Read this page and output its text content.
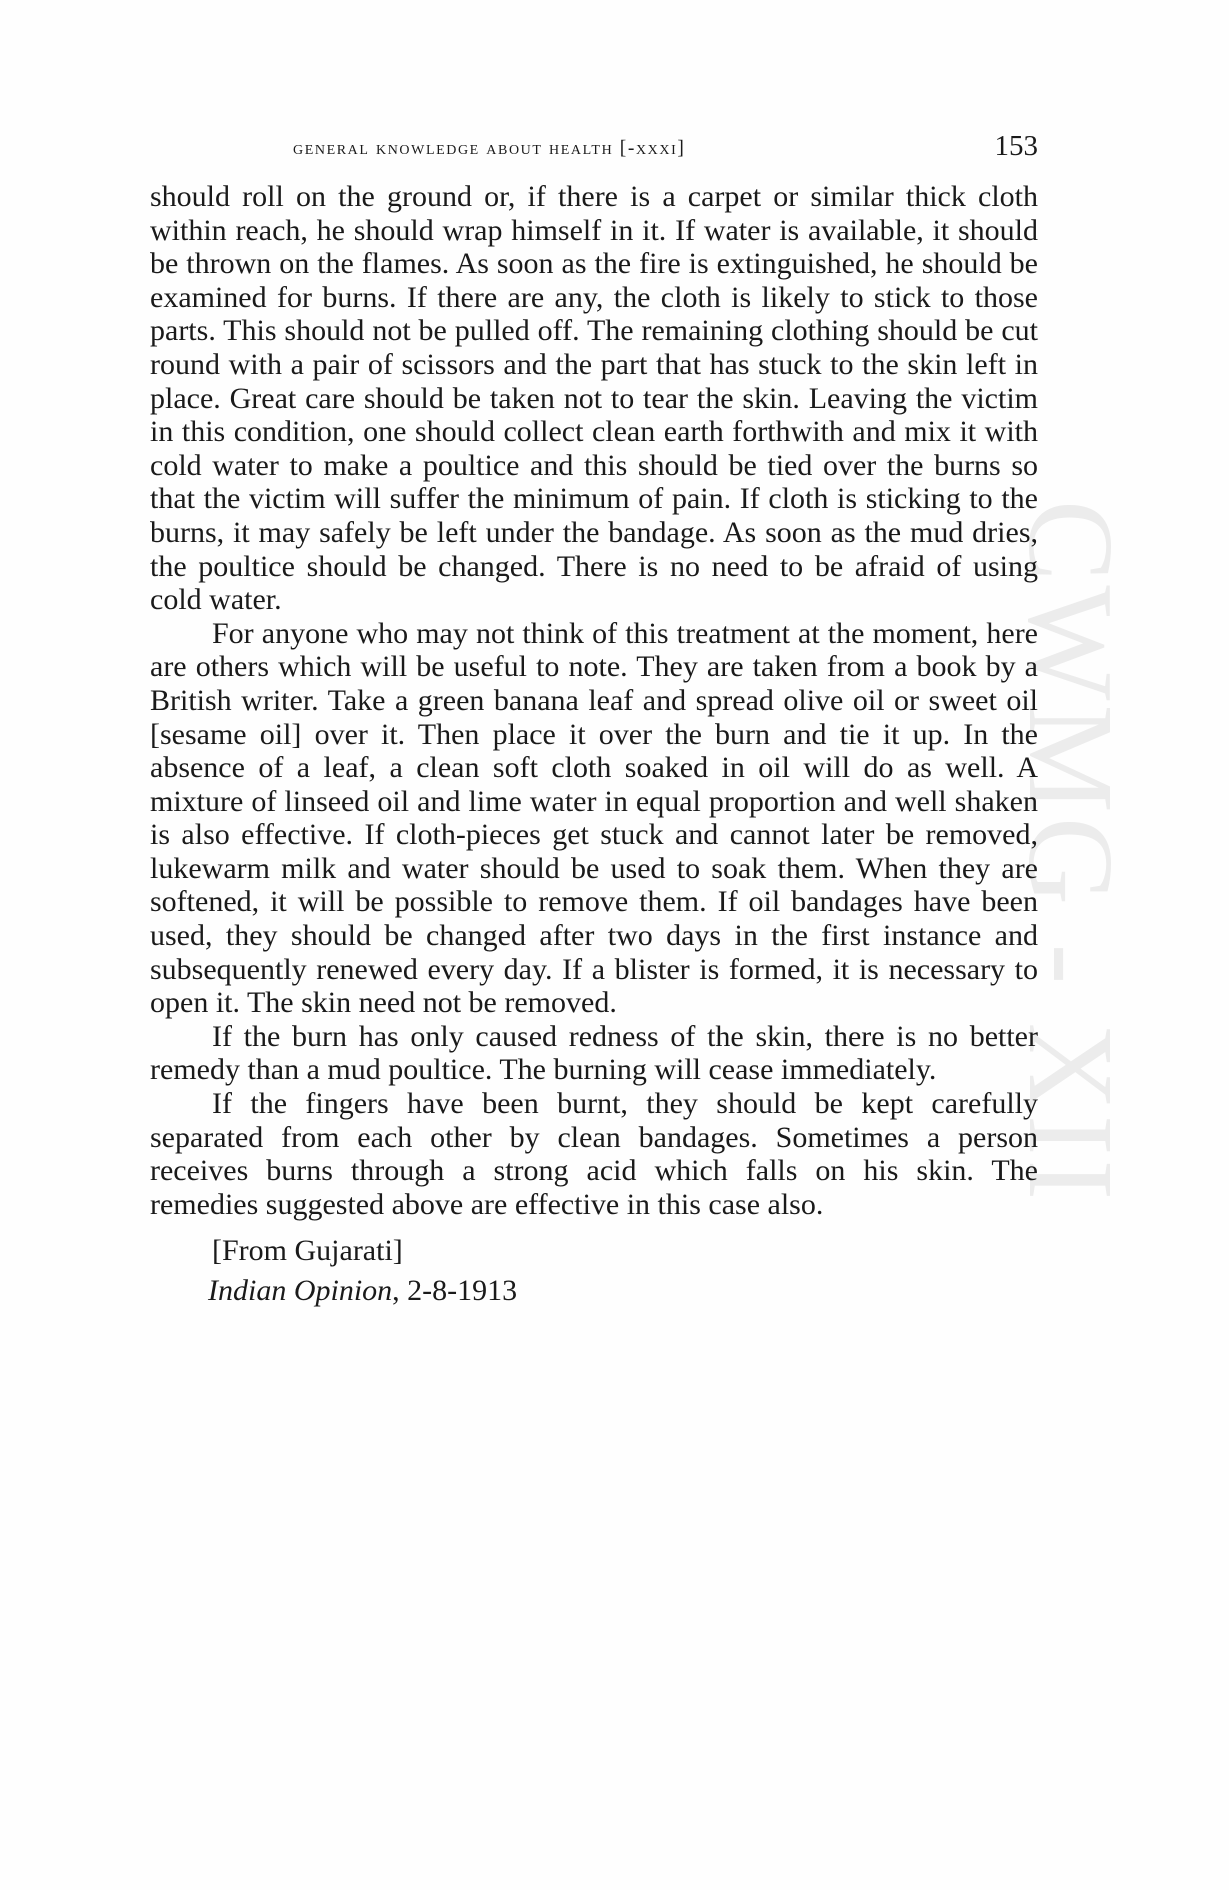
CWMG - XII
general knowledge about health [-xxxi]	153

should roll on the ground or, if there is a carpet or similar thick cloth within reach, he should wrap himself in it. If water is available, it should be thrown on the flames. As soon as the fire is extinguished, he should be examined for burns. If there are any, the cloth is likely to stick to those parts. This should not be pulled off. The remaining clothing should be cut round with a pair of scissors and the part that has stuck to the skin left in place. Great care should be taken not to tear the skin. Leaving the victim in this condition, one should collect clean earth forthwith and mix it with cold water to make a poultice and this should be tied over the burns so that the victim will suffer the minimum of pain. If cloth is sticking to the burns, it may safely be left under the bandage. As soon as the mud dries, the poultice should be changed. There is no need to be afraid of using cold water.

For anyone who may not think of this treatment at the moment, here are others which will be useful to note. They are taken from a book by a British writer. Take a green banana leaf and spread olive oil or sweet oil [sesame oil] over it. Then place it over the burn and tie it up. In the absence of a leaf, a clean soft cloth soaked in oil will do as well. A mixture of linseed oil and lime water in equal proportion and well shaken is also effective. If cloth-pieces get stuck and cannot later be removed, lukewarm milk and water should be used to soak them. When they are softened, it will be possible to remove them. If oil bandages have been used, they should be changed after two days in the first instance and subsequently renewed every day. If a blister is formed, it is necessary to open it. The skin need not be removed.

If the burn has only caused redness of the skin, there is no better remedy than a mud poultice. The burning will cease immediately.

If the fingers have been burnt, they should be kept carefully separated from each other by clean bandages. Sometimes a person receives burns through a strong acid which falls on his skin. The remedies suggested above are effective in this case also.

[From Gujarati]

Indian Opinion, 2-8-1913
